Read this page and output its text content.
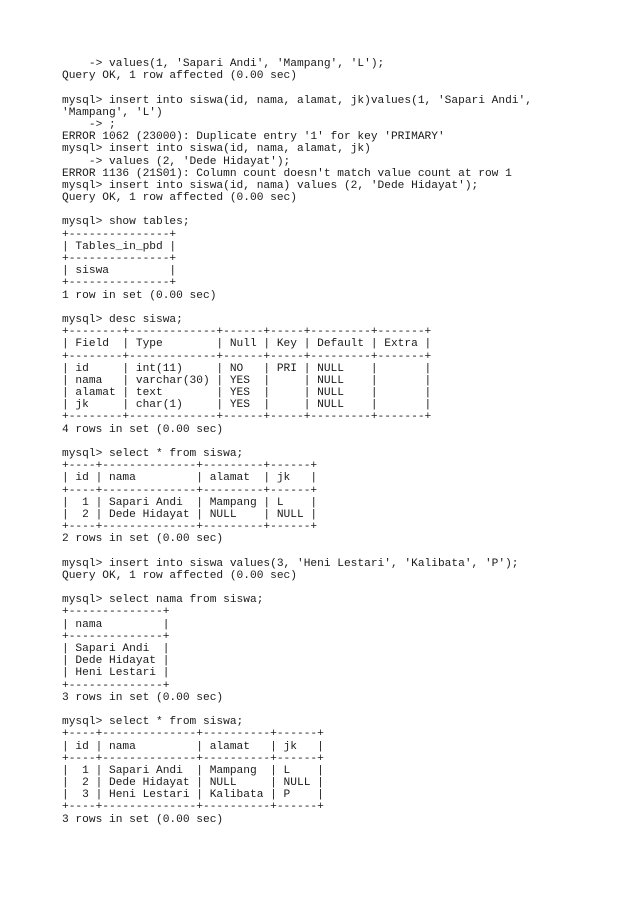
-> values(1, 'Sapari Andi', 'Mampang', 'L');
Query OK, 1 row affected (0.00 sec)
mysql> insert into siswa(id, nama, alamat, jk)values(1, 'Sapari Andi',
'Mampang', 'L')
-> ;
ERROR 1062 (23000): Duplicate entry '1' for key 'PRIMARY'
mysql> insert into siswa(id, nama, alamat, jk)
-> values (2, 'Dede Hidayat');
ERROR 1136 (21S01): Column count doesn't match value count at row 1
mysql> insert into siswa(id, nama) values (2, 'Dede Hidayat');
Query OK, 1 row affected (0.00 sec)
mysql> show tables;
+---------------+
| Tables_in_pbd |
+---------------+
| siswa         |
+---------------+
1 row in set (0.00 sec)
mysql> desc siswa;
+--------+-------------+------+-----+---------+-------+
| Field  | Type        | Null | Key | Default | Extra |
+--------+-------------+------+-----+---------+-------+
| id     | int(11)     | NO   | PRI | NULL    |       |
| nama   | varchar(30) | YES  |     | NULL    |       |
| alamat | text        | YES  |     | NULL    |       |
| jk     | char(1)     | YES  |     | NULL    |       |
+--------+-------------+------+-----+---------+-------+
4 rows in set (0.00 sec)
mysql> select * from siswa;
+----+--------------+---------+------+
| id | nama         | alamat  | jk   |
+----+--------------+---------+------+
|  1 | Sapari Andi  | Mampang | L    |
|  2 | Dede Hidayat | NULL    | NULL |
+----+--------------+---------+------+
2 rows in set (0.00 sec)
mysql> insert into siswa values(3, 'Heni Lestari', 'Kalibata', 'P');
Query OK, 1 row affected (0.00 sec)
mysql> select nama from siswa;
+--------------+
| nama         |
+--------------+
| Sapari Andi  |
| Dede Hidayat |
| Heni Lestari |
+--------------+
3 rows in set (0.00 sec)
mysql> select * from siswa;
+----+--------------+----------+------+
| id | nama         | alamat   | jk   |
+----+--------------+----------+------+
|  1 | Sapari Andi  | Mampang  | L    |
|  2 | Dede Hidayat | NULL     | NULL |
|  3 | Heni Lestari | Kalibata | P    |
+----+--------------+----------+------+
3 rows in set (0.00 sec)
